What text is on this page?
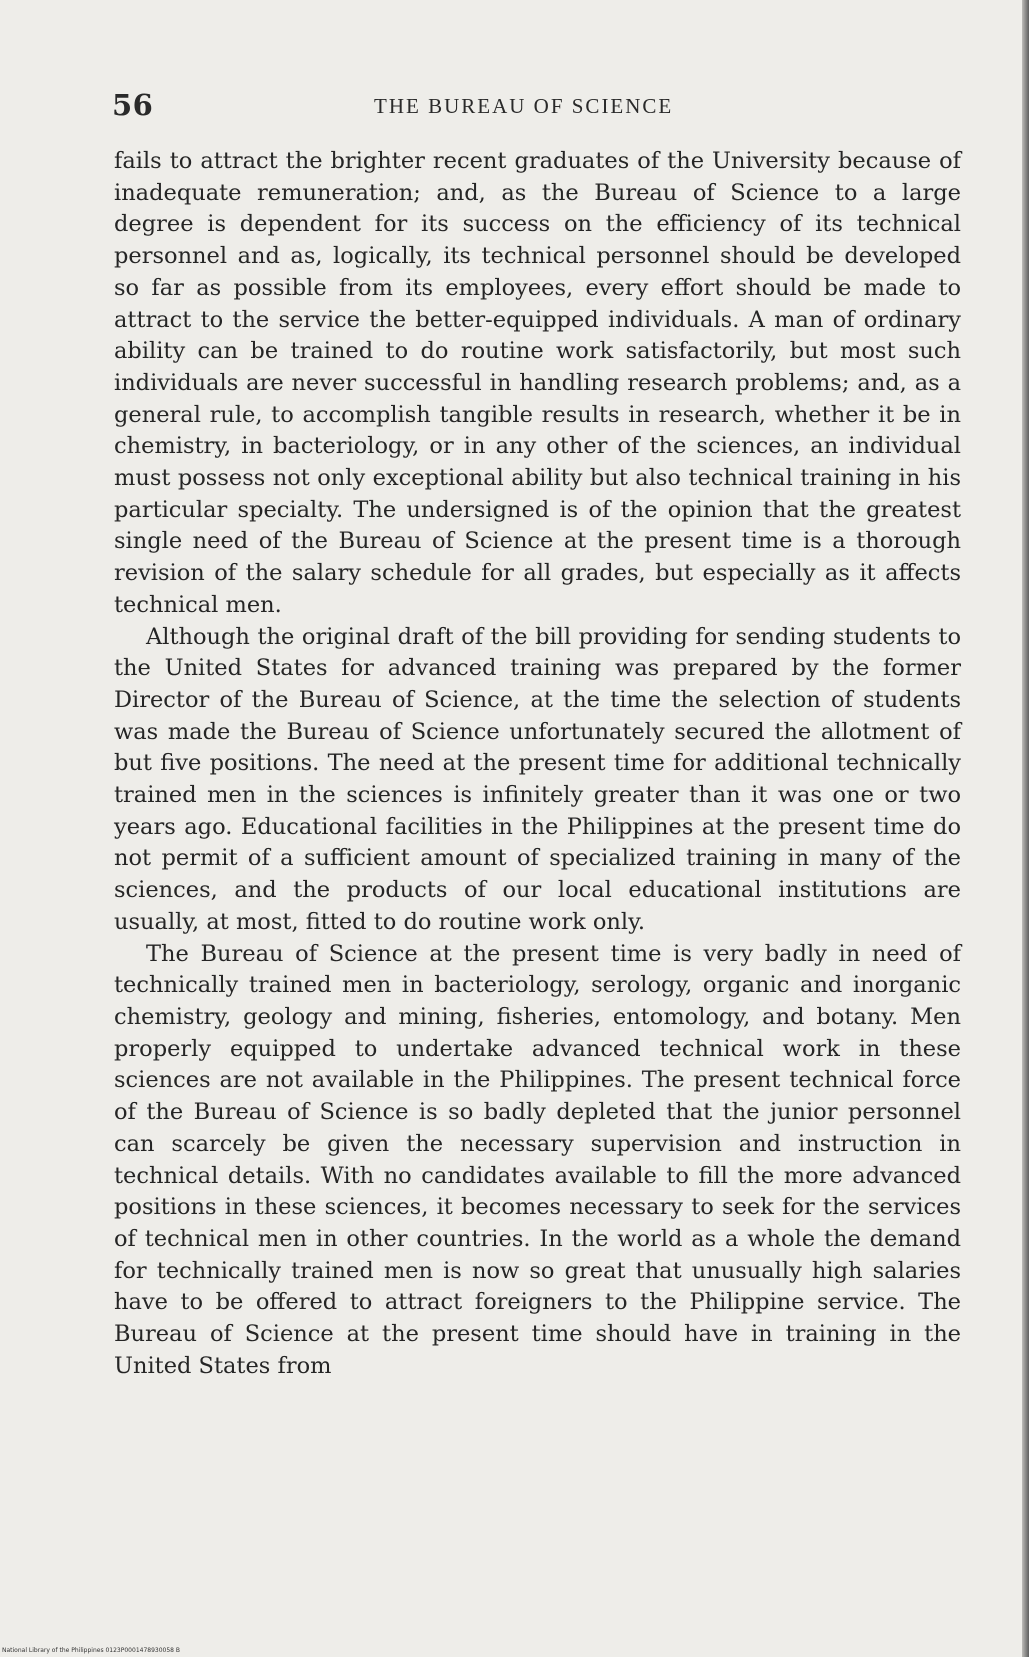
56	THE BUREAU OF SCIENCE

fails to attract the brighter recent graduates of the University because of inadequate remuneration; and, as the Bureau of Science to a large degree is dependent for its success on the efficiency of its technical personnel and as, logically, its technical personnel should be developed so far as possible from its employees, every effort should be made to attract to the service the better-equipped individuals. A man of ordinary ability can be trained to do routine work satisfactorily, but most such individuals are never successful in handling research problems; and, as a general rule, to accomplish tangible results in research, whether it be in chemistry, in bacteriology, or in any other of the sciences, an individual must possess not only exceptional ability but also technical training in his particular specialty. The undersigned is of the opinion that the greatest single need of the Bureau of Science at the present time is a thorough revision of the salary schedule for all grades, but especially as it affects technical men.

Although the original draft of the bill providing for sending students to the United States for advanced training was prepared by the former Director of the Bureau of Science, at the time the selection of students was made the Bureau of Science unfortunately secured the allotment of but five positions. The need at the present time for additional technically trained men in the sciences is infinitely greater than it was one or two years ago. Educational facilities in the Philippines at the present time do not permit of a sufficient amount of specialized training in many of the sciences, and the products of our local educational institutions are usually, at most, fitted to do routine work only.

The Bureau of Science at the present time is very badly in need of technically trained men in bacteriology, serology, organic and inorganic chemistry, geology and mining, fisheries, entomology, and botany. Men properly equipped to undertake advanced technical work in these sciences are not available in the Philippines. The present technical force of the Bureau of Science is so badly depleted that the junior personnel can scarcely be given the necessary supervision and instruction in technical details. With no candidates available to fill the more advanced positions in these sciences, it becomes necessary to seek for the services of technical men in other countries. In the world as a whole the demand for technically trained men is now so great that unusually high salaries have to be offered to attract foreigners to the Philippine service. The Bureau of Science at the present time should have in training in the United States from

National Library of the Philippines 0123P0001478930058 B
